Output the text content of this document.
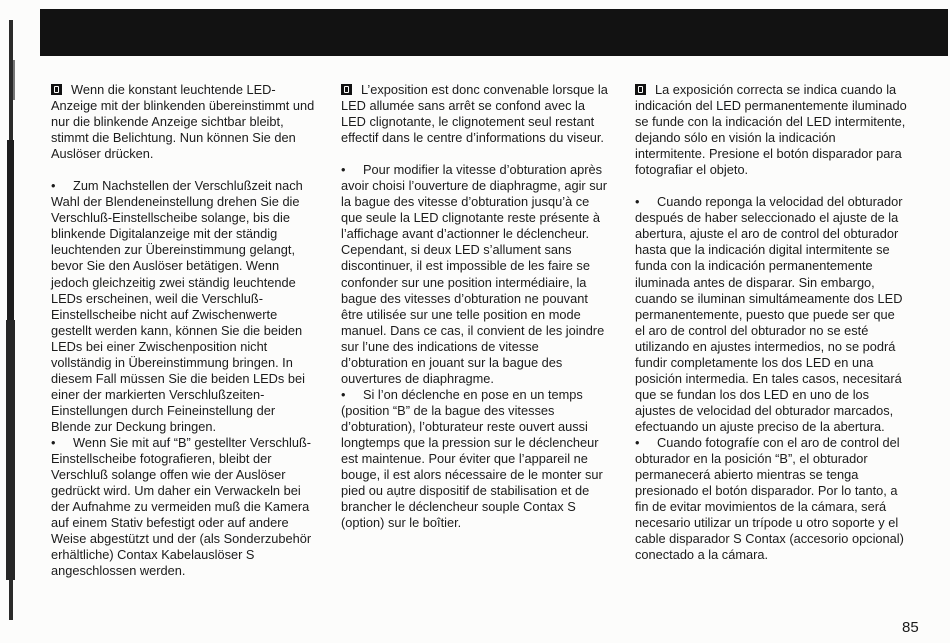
Wenn die konstant leuchtende LED-Anzeige mit der blinkenden übereinstimmt und nur die blinkende Anzeige sichtbar bleibt, stimmt die Belichtung. Nun können Sie den Auslöser drücken.

• Zum Nachstellen der Verschlußzeit nach Wahl der Blendeneinstellung drehen Sie die Verschluß-Einstellscheibe solange, bis die blinkende Digitalanzeige mit der ständig leuchtenden zur Übereinstimmung gelangt, bevor Sie den Auslöser betätigen. Wenn jedoch gleichzeitig zwei ständig leuchtende LEDs erscheinen, weil die Verschluß-Einstellscheibe nicht auf Zwischenwerte gestellt werden kann, können Sie die beiden LEDs bei einer Zwischenposition nicht vollständig in Übereinstimmung bringen. In diesem Fall müssen Sie die beiden LEDs bei einer der markierten Verschlußzeiten-Einstellungen durch Feineinstellung der Blende zur Deckung bringen.

• Wenn Sie mit auf “B” gestellter Verschluß-Einstellscheibe fotografieren, bleibt der Verschluß solange offen wie der Auslöser gedrückt wird. Um daher ein Verwackeln bei der Aufnahme zu vermeiden muß die Kamera auf einem Stativ befestigt oder auf andere Weise abgestützt und der (als Sonderzubehör erhältliche) Contax Kabelauslöser S angeschlossen werden.

L’exposition est donc convenable lorsque la LED allumée sans arrêt se confond avec la LED clignotante, le clignotement seul restant effectif dans le centre d’informations du viseur.

• Pour modifier la vitesse d’obturation après avoir choisi l’ouverture de diaphragme, agir sur la bague des vitesse d’obturation jusqu’à ce que seule la LED clignotante reste présente à l’affichage avant d’actionner le déclencheur. Cependant, si deux LED s’allument sans discontinuer, il est impossible de les faire se confonder sur une position intermédiaire, la bague des vitesses d’obturation ne pouvant être utilisée sur une telle position en mode manuel. Dans ce cas, il convient de les joindre sur l’une des indications de vitesse d’obturation en jouant sur la bague des ouvertures de diaphragme.

• Si l’on déclenche en pose en un temps (position “B” de la bague des vitesses d’obturation), l’obturateur reste ouvert aussi longtemps que la pression sur le déclencheur est maintenue. Pour éviter que l’appareil ne bouge, il est alors nécessaire de le monter sur pied ou aụtre dispositif de stabilisation et de brancher le déclencheur souple Contax S (option) sur le boîtier.

La exposición correcta se indica cuando la indicación del LED permanentemente iluminado se funde con la indicación del LED intermitente, dejando sólo en visión la indicación intermitente. Presione el botón disparador para fotografiar el objeto.

• Cuando reponga la velocidad del obturador después de haber seleccionado el ajuste de la abertura, ajuste el aro de control del obturador hasta que la indicación digital intermitente se funda con la indicación permanentemente iluminada antes de disparar. Sin embargo, cuando se iluminan simultámeamente dos LED permanentemente, puesto que puede ser que el aro de control del obturador no se esté utilizando en ajustes intermedios, no se podrá fundir completamente los dos LED en una posición intermedia. En tales casos, necesitará que se fundan los dos LED en uno de los ajustes de velocidad del obturador marcados, efectuando un ajuste preciso de la abertura.

• Cuando fotografíe con el aro de control del obturador en la posición “B”, el obturador permanecerá abierto mientras se tenga presionado el botón disparador. Por lo tanto, a fin de evitar movimientos de la cámara, será necesario utilizar un trípode u otro soporte y el cable disparador S Contax (accesorio opcional) conectado a la cámara.

85
